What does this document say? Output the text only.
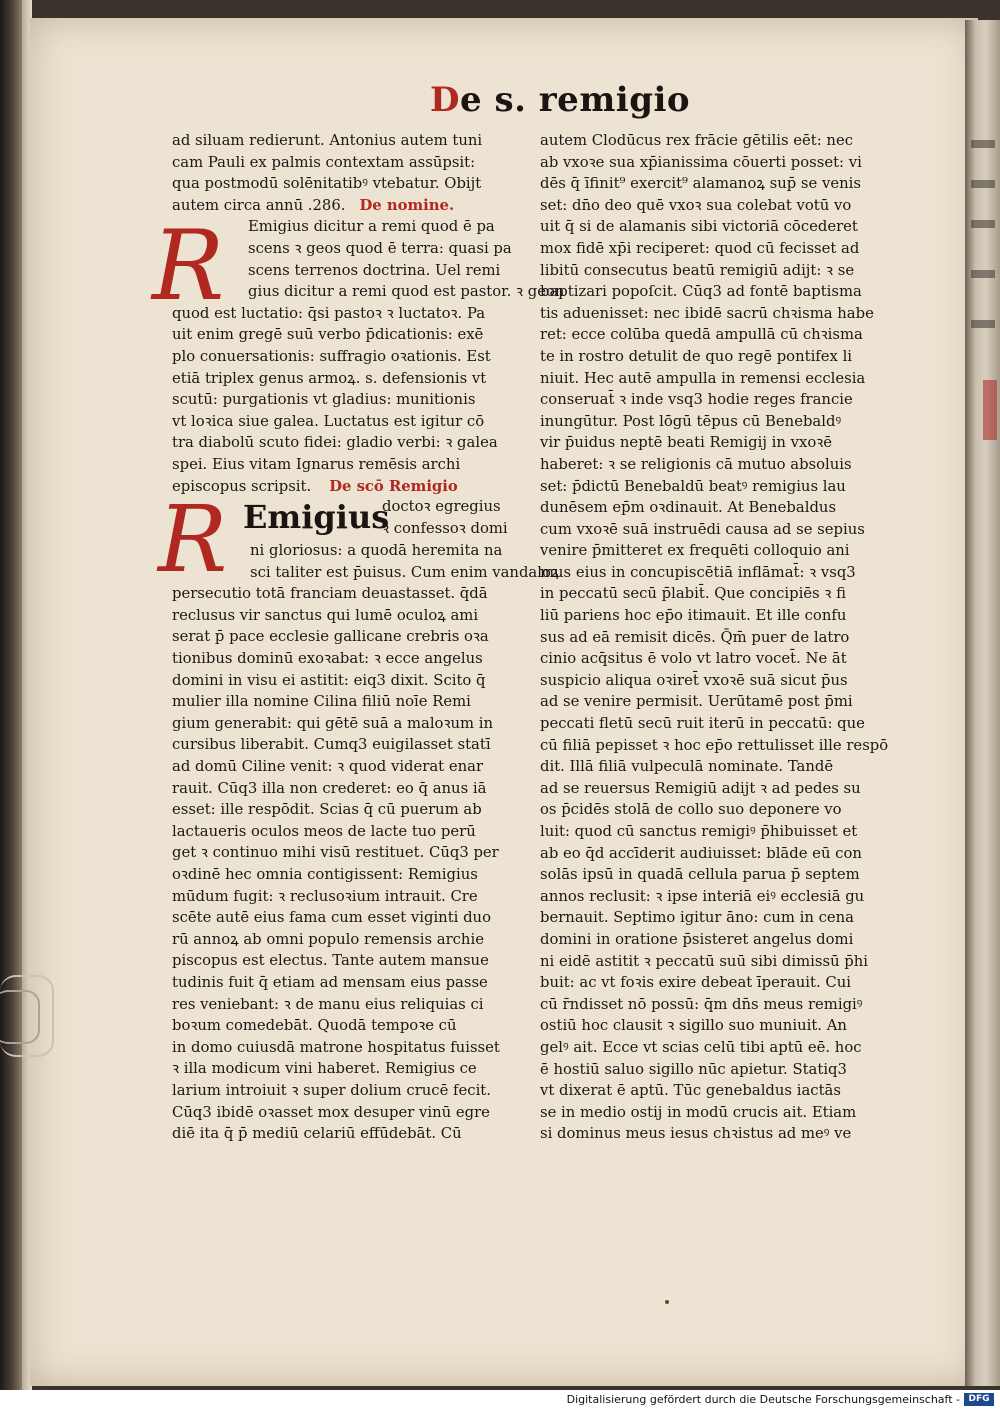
De s. remigio
R
R Emigius

doctoꝛ egregius

ꝛ confessoꝛ domi

ad siluam redierunt. Antonius autem tuni

cam Pauli ex palmis contextam assūpsit:

qua postmodū solēnitatibꝰ vtebatur. Obijt

autem circa annū .286. De nomine.

Emigius dicitur a remi quod ē pa

scens ꝛ geos quod ē terra: quasi pa

scens terrenos doctrina. Uel remi

gius dicitur a remi quod est pastor. ꝛ geon

quod est luctatio: q̄si pastoꝛ ꝛ luctatoꝛ. Pa

uit enim gregē suū verbo p̄dicationis: exē

plo conuersationis: suffragio oꝛationis. Est

etiā triplex genus armoꝝ. s. defensionis vt

scutū: purgationis vt gladius: munitionis

vt loꝛica siue galea. Luctatus est igitur cō

tra diabolū scuto fidei: gladio verbi: ꝛ galea

spei. Eius vitam Ignarus remēsis archi

episcopus scripsit. De scō Remigio

ni gloriosus: a quodā heremita na

sci taliter est p̄uisus. Cum enim vandaloꝝ

persecutio totā franciam deuastasset. q̄dā

reclusus vir sanctus qui lumē oculoꝝ ami

serat p̄ pace ecclesie gallicane crebris oꝛa

tionibus dominū exoꝛabat: ꝛ ecce angelus

domini in visu ei astitit: eiq3 dixit. Scito q̄

mulier illa nomine Cilina filiū noīe Remi

gium generabit: qui gētē suā a maloꝛum in

cursibus liberabit. Cumq3 euigilasset statī

ad domū Ciline venit: ꝛ quod viderat enar

rauit. Cūq3 illa non crederet: eo q̄ anus iā

esset: ille respōdit. Scias q̄ cū puerum ab

lactaueris oculos meos de lacte tuo perū

get ꝛ continuo mihi visū restituet. Cūq3 per

oꝛdinē hec omnia contigissent: Remigius

mūdum fugit: ꝛ reclusoꝛium intrauit. Cre

scēte autē eius fama cum esset viginti duo

rū annoꝝ ab omni populo remensis archie

piscopus est electus. Tante autem mansue

tudinis fuit q̄ etiam ad mensam eius passe

res veniebant: ꝛ de manu eius reliquias ci

boꝛum comedebāt. Quodā tempoꝛe cū

in domo cuiusdā matrone hospitatus fuisset

ꝛ illa modicum vini haberet. Remigius ce

larium introiuit ꝛ super dolium crucē fecit.

Cūq3 ibidē oꝛasset mox desuper vinū egre

diē ita q̄ p̄ mediū celariū effūdebāt. Cū

autem Clodūcus rex frācie gētilis eēt: nec

ab vxoꝛe sua xp̄ianissima cōuerti posset: vi

dēs q̄ īfinit⁹ exercit⁹ alamanoꝝ sup̄ se venis

set: dn̄o deo quē vxoꝛ sua colebat votū vo

uit q̄ si de alamanis sibi victoriā cōcederet

mox fidē xp̄i reciperet: quod cū fecisset ad

libitū consecutus beatū remigiū adijt: ꝛ se

baptizari popoſcit. Cūq3 ad fontē baptisma

tis aduenisset: nec ibidē sacrū chꝛisma habe

ret: ecce colūba quedā ampullā cū chꝛisma

te in rostro detulit de quo regē pontifex li

niuit. Hec autē ampulla in remensi ecclesia

conseruat̄ ꝛ inde vsq3 hodie reges francie

inungūtur. Post lōgū tēpus cū Benebaldꝰ

vir p̄uidus neptē beati Remigij in vxoꝛē

haberet: ꝛ se religionis cā mutuo absoluis

set: p̄dictū Benebaldū beatꝰ remigius lau

dunēsem ep̄m oꝛdinauit. At Benebaldus

cum vxoꝛē suā instruēdi causa ad se sepius

venire p̄mitteret ex frequēti colloquio ani

mus eius in concupiscētiā inflāmat̄: ꝛ vsq3

in peccatū secū p̄labit̄. Que concipiēs ꝛ fi

liū pariens hoc ep̄o itimauit. Et ille confu

sus ad eā remisit dicēs. Q̄m̄ puer de latro

cinio acq̄situs ē volo vt latro vocet̄. Ne āt

suspicio aliqua oꝛiret̄ vxoꝛē suā sicut p̄us

ad se venire permisit. Uerūtamē post p̄mi

peccati fletū secū ruit iterū in peccatū: que

cū filiā pepisset ꝛ hoc ep̄o rettulisset ille respō

dit. Illā filiā vulpeculā nominate. Tandē

ad se reuersus Remigiū adijt ꝛ ad pedes su

os p̄cidēs stolā de collo suo deponere vo

luit: quod cū sanctus remigiꝰ p̄hibuisset et

ab eo q̄d accīderit audiuisset: blāde eū con

solās ipsū in quadā cellula parua p̄ septem

annos reclusit: ꝛ ipse interiā eiꝰ ecclesiā gu

bernauit. Septimo igitur āno: cum in cena

domini in oratione p̄sisteret angelus domi

ni eidē astitit ꝛ peccatū suū sibi dimissū p̄hi

buit: ac vt foꝛis exire debeat īperauit. Cui

cū r̄ndisset nō possū: q̄m dn̄s meus remigiꝰ

ostiū hoc clausit ꝛ sigillo suo muniuit. An

gelꝰ ait. Ecce vt scias celū tibi aptū eē. hoc

ē hostiū saluo sigillo nūc apietur. Statiq3

vt dixerat ē aptū. Tūc genebaldus iactās

se in medio ostij in modū crucis ait. Etiam

si dominus meus iesus chꝛistus ad meꝰ ve

Digitalisierung gefördert durch die Deutsche Forschungsgemeinschaft - DFG
